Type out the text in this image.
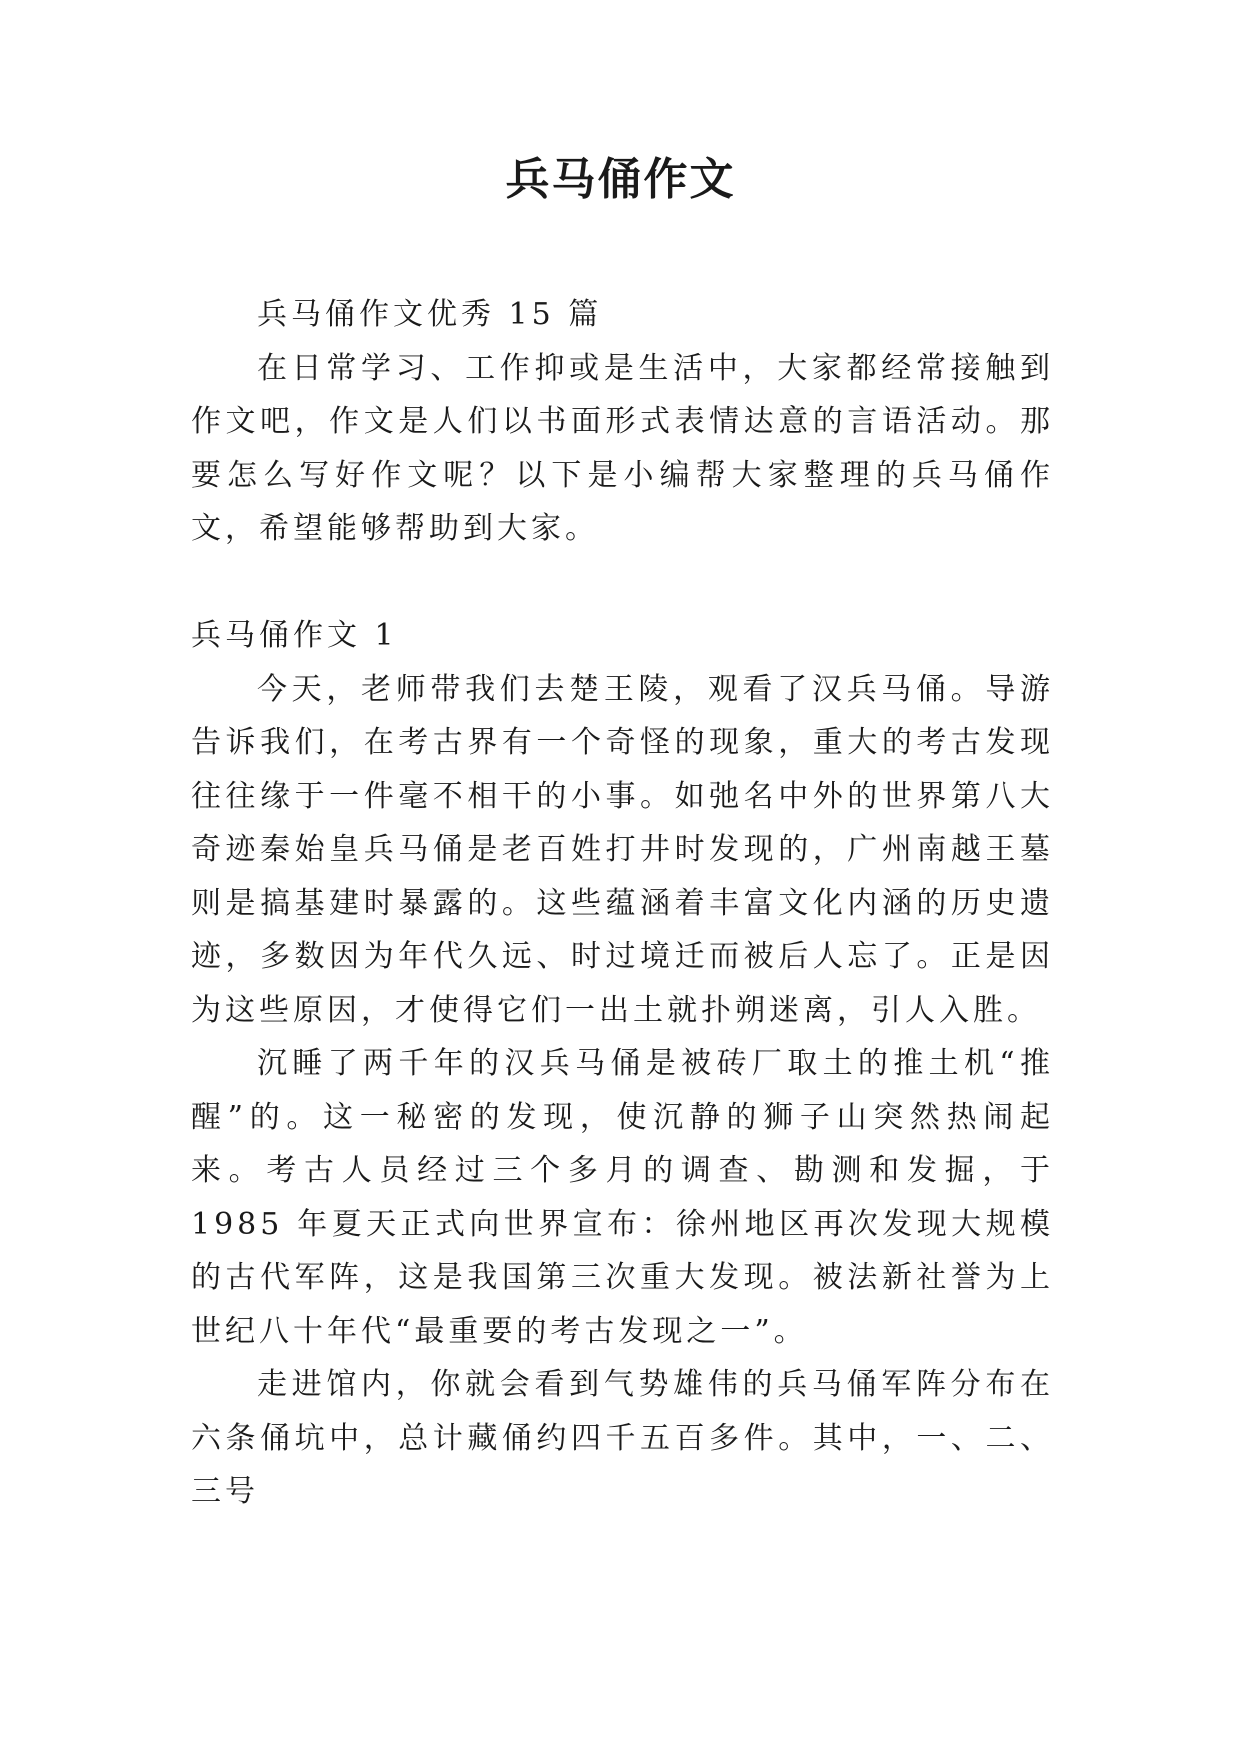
兵马俑作文

兵马俑作文优秀 15 篇

在日常学习、工作抑或是生活中，大家都经常接触到作文吧，作文是人们以书面形式表情达意的言语活动。那要怎么写好作文呢？以下是小编帮大家整理的兵马俑作文，希望能够帮助到大家。

兵马俑作文 1

今天，老师带我们去楚王陵，观看了汉兵马俑。导游告诉我们，在考古界有一个奇怪的现象，重大的考古发现往往缘于一件毫不相干的小事。如弛名中外的世界第八大奇迹秦始皇兵马俑是老百姓打井时发现的，广州南越王墓则是搞基建时暴露的。这些蕴涵着丰富文化内涵的历史遗迹，多数因为年代久远、时过境迁而被后人忘了。正是因为这些原因，才使得它们一出土就扑朔迷离，引人入胜。

沉睡了两千年的汉兵马俑是被砖厂取土的推土机“推醒”的。这一秘密的发现，使沉静的狮子山突然热闹起来。考古人员经过三个多月的调查、勘测和发掘，于 1985 年夏天正式向世界宣布：徐州地区再次发现大规模的古代军阵，这是我国第三次重大发现。被法新社誉为上世纪八十年代“最重要的考古发现之一”。

走进馆内，你就会看到气势雄伟的兵马俑军阵分布在六条俑坑中，总计藏俑约四千五百多件。其中，一、二、三号
